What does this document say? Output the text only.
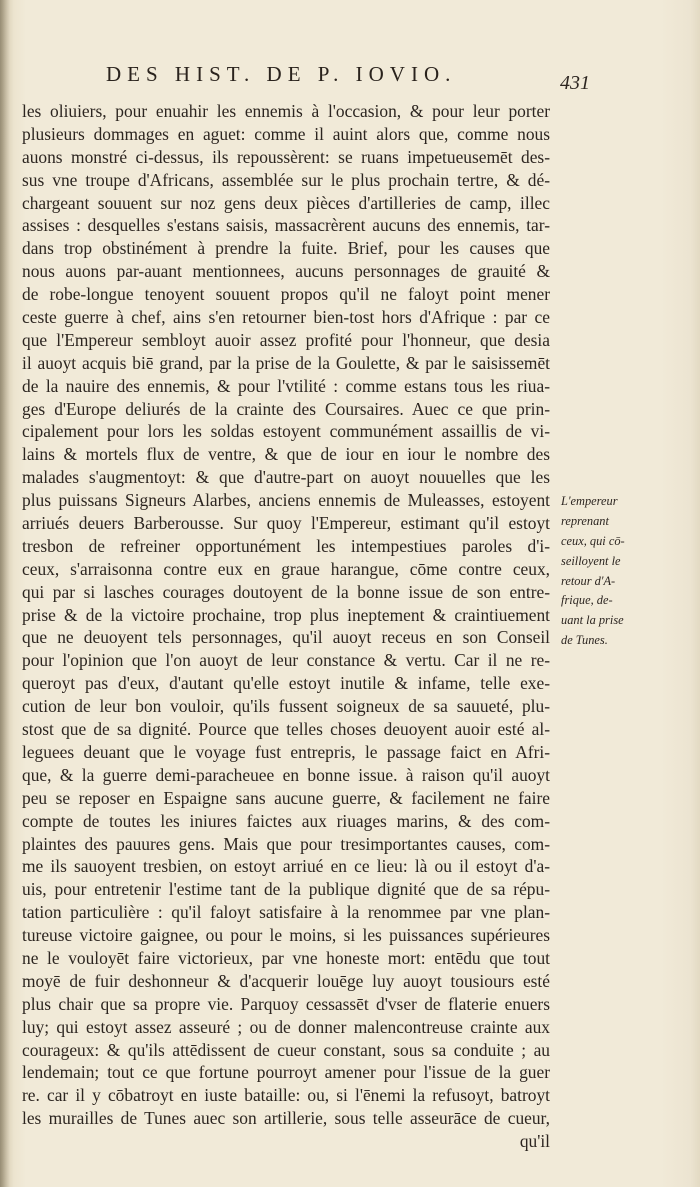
DES HIST. DE P. IOVIO.	431
les oliuiers, pour enuahir les ennemis à l'occasion, & pour leur porter
plusieurs dommages en aguet: comme il auint alors que, comme nous
auons monstré ci-dessus, ils repoussèrent: se ruans impetueusemēt des-
sus vne troupe d'Africans, assemblée sur le plus prochain tertre, & dé-
chargeant souuent sur noz gens deux pièces d'artilleries de camp, illec
assises : desquelles s'estans saisis, massacrèrent aucuns des ennemis, tar-
dans trop obstinément à prendre la fuite. Brief, pour les causes que
nous auons par-auant mentionnees, aucuns personnages de grauité &
de robe-longue tenoyent souuent propos qu'il ne faloyt point mener
ceste guerre à chef, ains s'en retourner bien-tost hors d'Afrique : par ce
que l'Empereur sembloyt auoir assez profité pour l'honneur, que desia
il auoyt acquis biē grand, par la prise de la Goulette, & par le saisissemēt
de la nauire des ennemis, & pour l'vtilité : comme estans tous les riua-
ges d'Europe deliurés de la crainte des Coursaires. Auec ce que prin-
cipalement pour lors les soldas estoyent communément assaillis de vi-
lains & mortels flux de ventre, & que de iour en iour le nombre des
malades s'augmentoyt: & que d'autre-part on auoyt nouuelles que les
plus puissans Signeurs Alarbes, anciens ennemis de Muleasses, estoyent
arriués deuers Barberousse. Sur quoy l'Empereur, estimant qu'il estoyt
tresbon de refreiner opportunément les intempestiues paroles d'i-
ceux, s'arraisonna contre eux en graue harangue, cōme contre ceux,
qui par si lasches courages doutoyent de la bonne issue de son entre-
prise & de la victoire prochaine, trop plus ineptement & craintiuement
que ne deuoyent tels personnages, qu'il auoyt receus en son Conseil
pour l'opinion que l'on auoyt de leur constance & vertu. Car il ne re-
queroyt pas d'eux, d'autant qu'elle estoyt inutile & infame, telle exe-
cution de leur bon vouloir, qu'ils fussent soigneux de sa sauueté, plu-
stost que de sa dignité. Pource que telles choses deuoyent auoir esté al-
leguees deuant que le voyage fust entrepris, le passage faict en Afri-
que, & la guerre demi-paracheuee en bonne issue. à raison qu'il auoyt
peu se reposer en Espaigne sans aucune guerre, & facilement ne faire
compte de toutes les iniures faictes aux riuages marins, & des com-
plaintes des pauures gens. Mais que pour tresimportantes causes, com-
me ils sauoyent tresbien, on estoyt arriué en ce lieu: là ou il estoyt d'a-
uis, pour entretenir l'estime tant de la publique dignité que de sa répu-
tation particulière : qu'il faloyt satisfaire à la renommee par vne plan-
tureuse victoire gaignee, ou pour le moins, si les puissances supérieures
ne le vouloyēt faire victorieux, par vne honeste mort: entēdu que tout
moyē de fuir deshonneur & d'acquerir louēge luy auoyt tousiours esté
plus chair que sa propre vie. Parquoy cessassēt d'vser de flaterie enuers
luy; qui estoyt assez asseuré ; ou de donner malencontreuse crainte aux
courageux: & qu'ils attēdissent de cueur constant, sous sa conduite ; au
lendemain; tout ce que fortune pourroyt amener pour l'issue de la guer
re. car il y cōbatroyt en iuste bataille: ou, si l'ēnemi la refusoyt, batroyt
les murailles de Tunes auec son artillerie, sous telle asseurāce de cueur,
qu'il
L'empereur
reprenant
ceux, qui cō-
seilloyent le
retour d'A-
frique, de-
uant la prise
de Tunes.
